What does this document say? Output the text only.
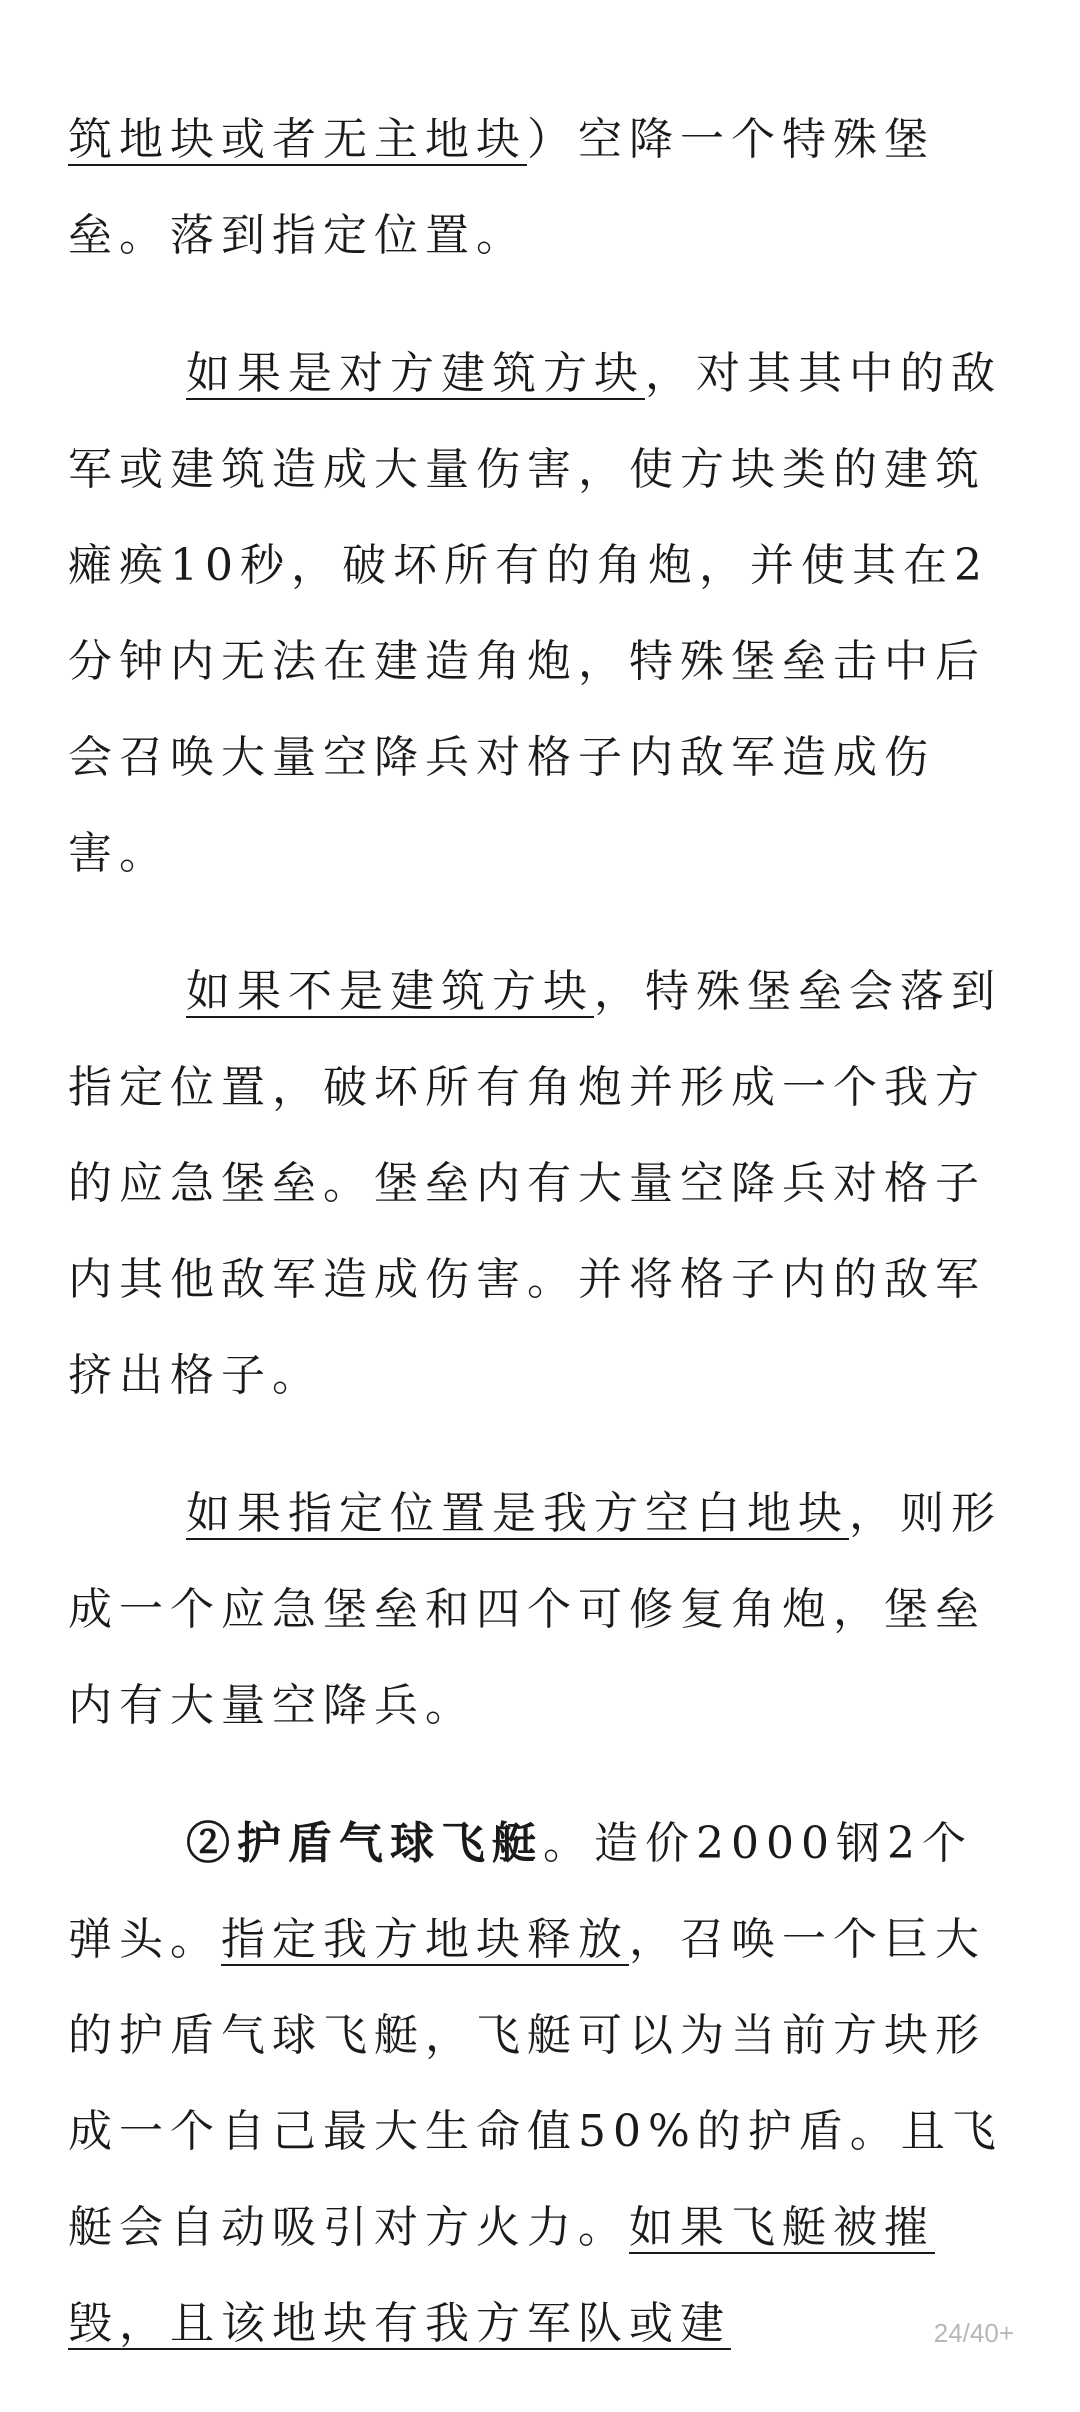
筑地块或者无主地块）空降一个特殊堡垒。落到指定位置。

如果是对方建筑方块，对其其中的敌军或建筑造成大量伤害，使方块类的建筑瘫痪10秒，破坏所有的角炮，并使其在2分钟内无法在建造角炮，特殊堡垒击中后会召唤大量空降兵对格子内敌军造成伤害。

如果不是建筑方块，特殊堡垒会落到指定位置，破坏所有角炮并形成一个我方的应急堡垒。堡垒内有大量空降兵对格子内其他敌军造成伤害。并将格子内的敌军挤出格子。

如果指定位置是我方空白地块，则形成一个应急堡垒和四个可修复角炮，堡垒内有大量空降兵。

②护盾气球飞艇。造价2000钢2个弹头。指定我方地块释放，召唤一个巨大的护盾气球飞艇，飞艇可以为当前方块形成一个自己最大生命值50%的护盾。且飞艇会自动吸引对方火力。如果飞艇被摧毁，且该地块有我方军队或建	24/40+
